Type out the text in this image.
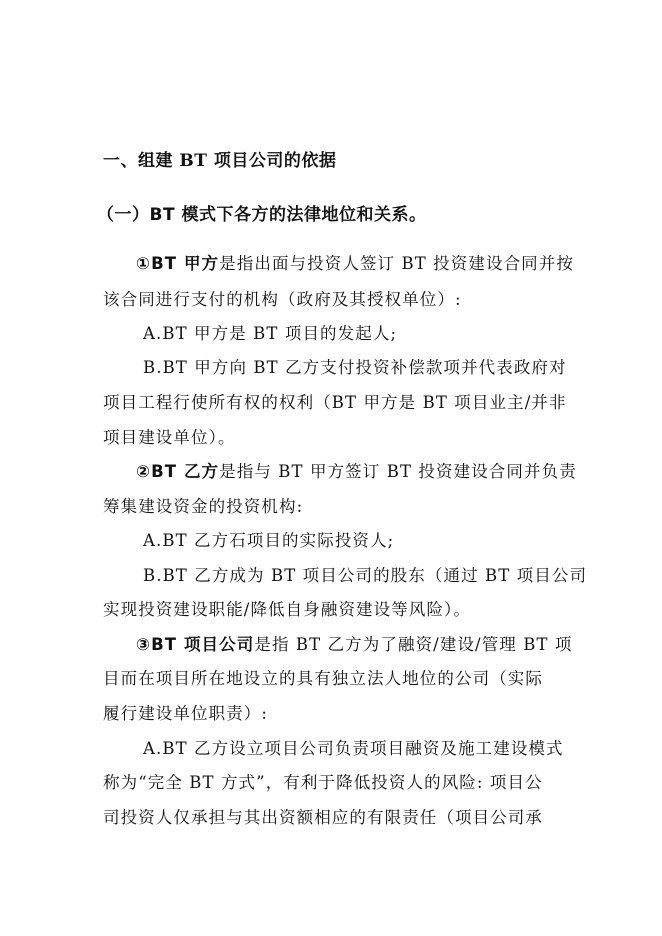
一、组建 BT 项目公司的依据
（一）BT 模式下各方的法律地位和关系。
①BT 甲方是指出面与投资人签订 BT 投资建设合同并按
该合同进行支付的机构（政府及其授权单位）:
A.BT 甲方是 BT 项目的发起人;
B.BT 甲方向 BT 乙方支付投资补偿款项并代表政府对
项目工程行使所有权的权利（BT 甲方是 BT 项目业主/并非
项目建设单位）。
②BT 乙方是指与 BT 甲方签订 BT 投资建设合同并负责
筹集建设资金的投资机构:
A.BT 乙方石项目的实际投资人;
B.BT 乙方成为 BT 项目公司的股东（通过 BT 项目公司
实现投资建设职能/降低自身融资建设等风险）。
③BT 项目公司是指 BT 乙方为了融资/建设/管理 BT 项
目而在项目所在地设立的具有独立法人地位的公司（实际
履行建设单位职责）:
A.BT 乙方设立项目公司负责项目融资及施工建设模式
称为“完全 BT 方式”，有利于降低投资人的风险: 项目公
司投资人仅承担与其出资额相应的有限责任（项目公司承
